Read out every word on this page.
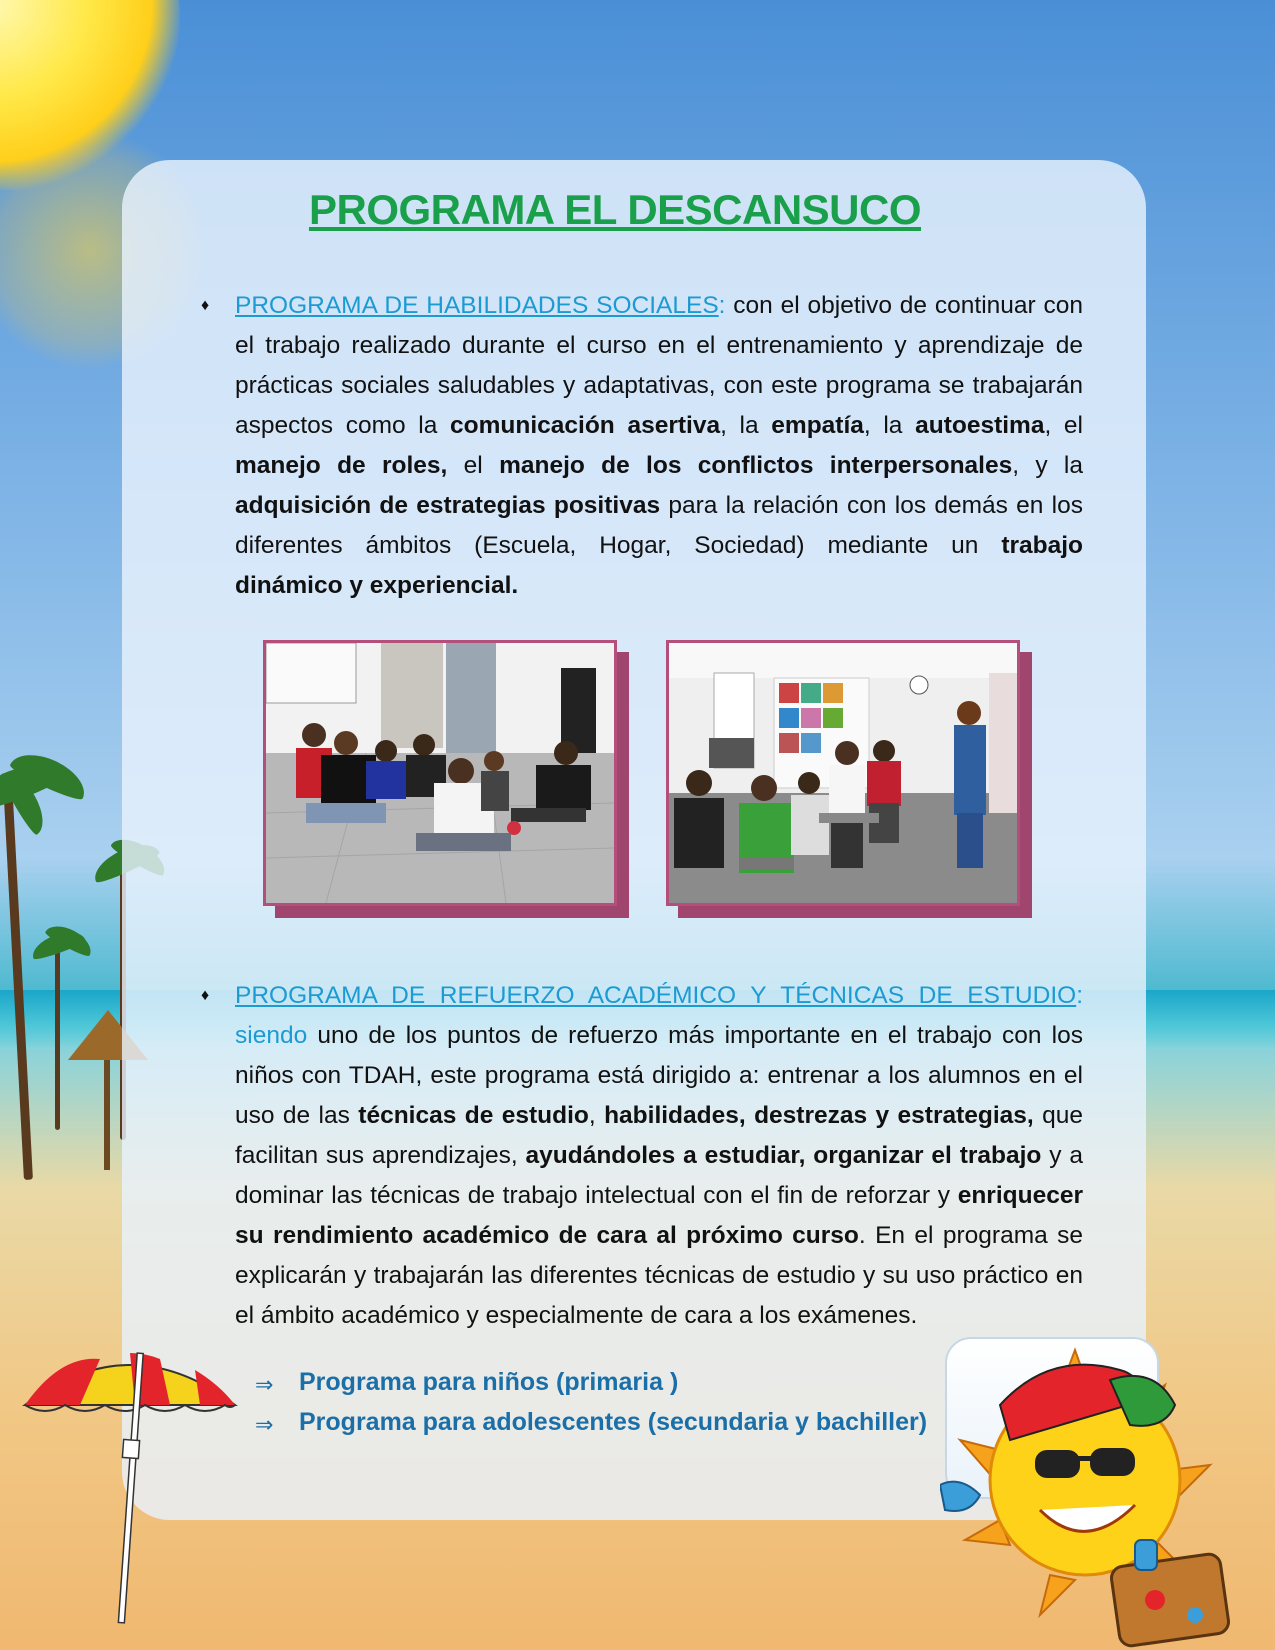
PROGRAMA EL DESCANSUCO
♦ PROGRAMA DE HABILIDADES SOCIALES: con el objetivo de continuar con el trabajo realizado durante el curso en el entrenamiento y aprendizaje de prácticas sociales saludables y adaptativas, con este programa se trabajarán aspectos como la comunicación asertiva, la empatía, la autoestima, el manejo de roles, el manejo de los conflictos interpersonales, y la adquisición de estrategias positivas para la relación con los demás en los diferentes ámbitos (Escuela, Hogar, Sociedad) mediante un trabajo dinámico y experiencial.
♦ PROGRAMA DE REFUERZO ACADÉMICO Y TÉCNICAS DE ESTUDIO: siendo uno de los puntos de refuerzo más importante en el trabajo con los niños con TDAH, este programa está dirigido a: entrenar a los alumnos en el uso de las técnicas de estudio, habilidades, destrezas y estrategias, que facilitan sus aprendizajes, ayudándoles a estudiar, organizar el trabajo y a dominar las técnicas de trabajo intelectual con el fin de reforzar y enriquecer su rendimiento académico de cara al próximo curso. En el programa se explicarán y trabajarán las diferentes técnicas de estudio y su uso práctico en el ámbito académico y especialmente de cara a los exámenes.
⇒ Programa para niños (primaria )
⇒ Programa para adolescentes (secundaria y bachiller)
